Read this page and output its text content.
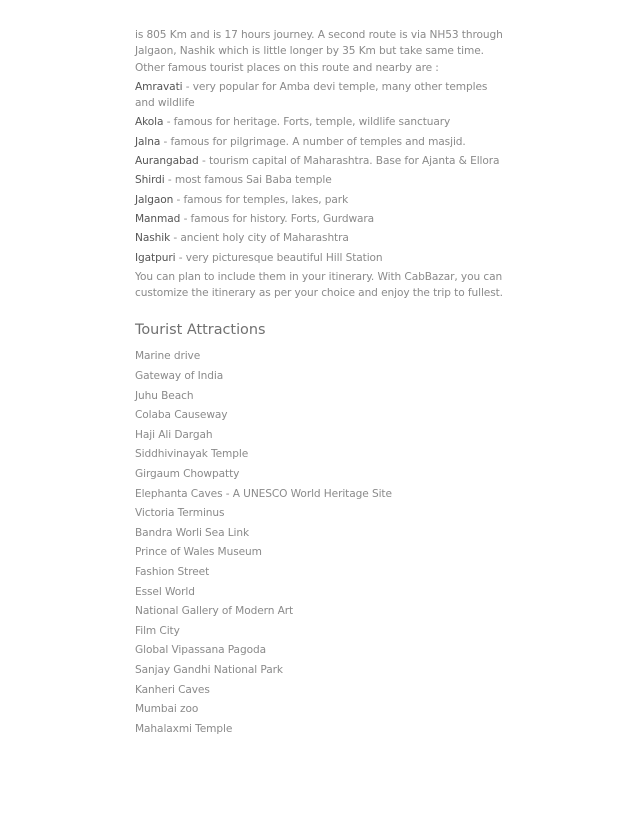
is 805 Km and is 17 hours journey. A second route is via NH53 through Jalgaon, Nashik which is little longer by 35 Km but take same time. Other famous tourist places on this route and nearby are :

Amravati - very popular for Amba devi temple, many other temples and wildlife
Akola - famous for heritage. Forts, temple, wildlife sanctuary
Jalna - famous for pilgrimage. A number of temples and masjid.
Aurangabad - tourism capital of Maharashtra. Base for Ajanta & Ellora
Shirdi - most famous Sai Baba temple
Jalgaon - famous for temples, lakes, park
Manmad - famous for history. Forts, Gurdwara
Nashik - ancient holy city of Maharashtra
Igatpuri - very picturesque beautiful Hill Station

You can plan to include them in your itinerary. With CabBazar, you can customize the itinerary as per your choice and enjoy the trip to fullest.

Tourist Attractions
Marine drive
Gateway of India
Juhu Beach
Colaba Causeway
Haji Ali Dargah
Siddhivinayak Temple
Girgaum Chowpatty
Elephanta Caves - A UNESCO World Heritage Site
Victoria Terminus
Bandra Worli Sea Link
Prince of Wales Museum
Fashion Street
Essel World
National Gallery of Modern Art
Film City
Global Vipassana Pagoda
Sanjay Gandhi National Park
Kanheri Caves
Mumbai zoo
Mahalaxmi Temple
